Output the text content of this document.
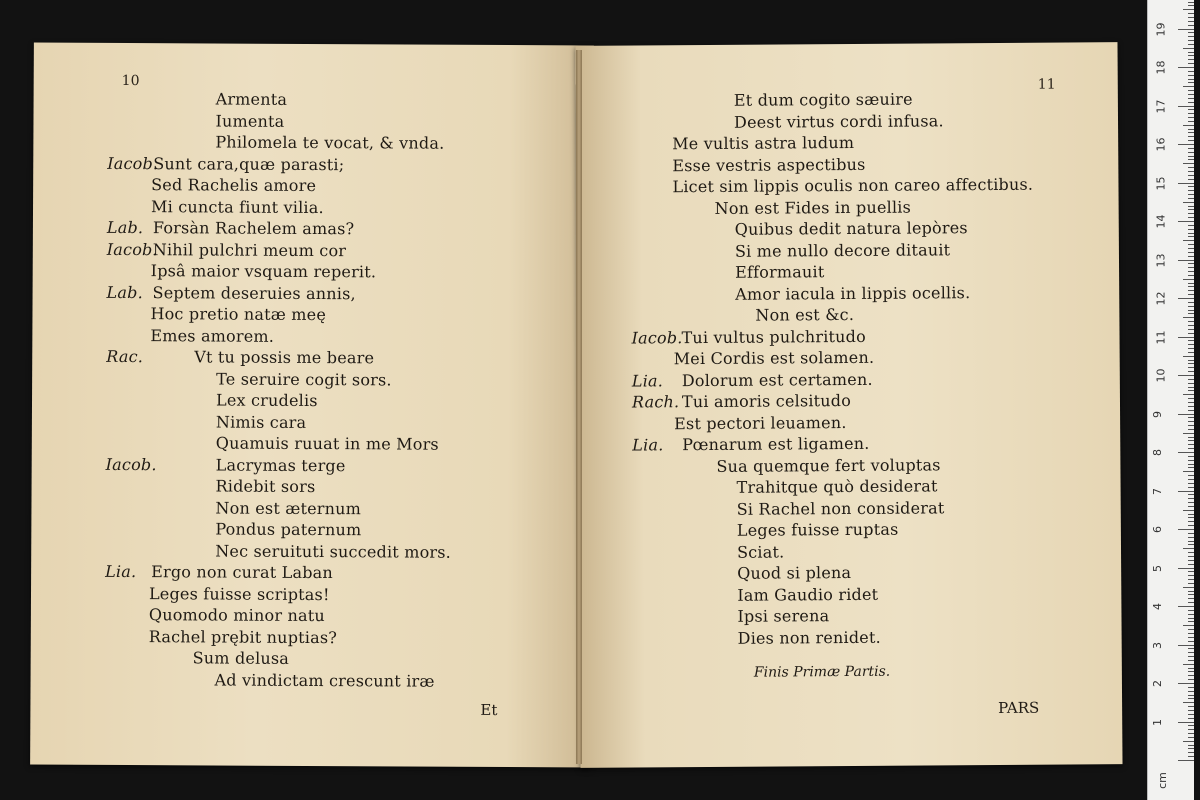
10
Armenta
Iumenta
Philomela te vocat, & vnda.
Iacob.
Sunt cara,quæ parasti;
Sed Rachelis amore
Mi cuncta fiunt vilia.
Lab. Forsàn Rachelem amas?
Iacob.
Nihil pulchri meum cor
Ipsâ maior vsquam reperit.
Lab. Septem deseruies annis,
Hoc pretio natæ meę
Emes amorem.
Rac.	Vt tu possis me beare
Te seruire cogit sors.
Lex crudelis
Nimis cara
Quamuis ruuat in me Mors
Iacob.	Lacrymas terge
Ridebit sors
Non est æternum
Pondus paternum
Nec seruituti succedit mors.
Lia. Ergo non curat Laban
Leges fuisse scriptas!
Quomodo minor natu
Rachel prębit nuptias?
Sum delusa
Ad vindictam crescunt iræ
Et
11
Et dum cogito sæuire
Deest virtus cordi infusa.
Me vultis astra ludum
Esse vestris aspectibus
Licet sim lippis oculis non careo affectibus.
Non est Fides in puellis
Quibus dedit natura lepòres
Si me nullo decore ditauit
Efformauit
Amor iacula in lippis ocellis.
Non est &c.
Iacob.
Tui vultus pulchritudo
Mei Cordis est solamen.
Lia. Dolorum est certamen.
Rach. Tui amoris celsitudo
Est pectori leuamen.
Lia. Pœnarum est ligamen.
Sua quemque fert voluptas
Trahitque quò desiderat
Si Rachel non considerat
Leges fuisse ruptas
Sciat.
Quod si plena
Iam Gaudio ridet
Ipsi serena
Dies non renidet.
Finis Primæ Partis.
PARS
1
2
3
4
5
6
7
8
9
10
11
12
13
14
15
16
17
18
19
cm
